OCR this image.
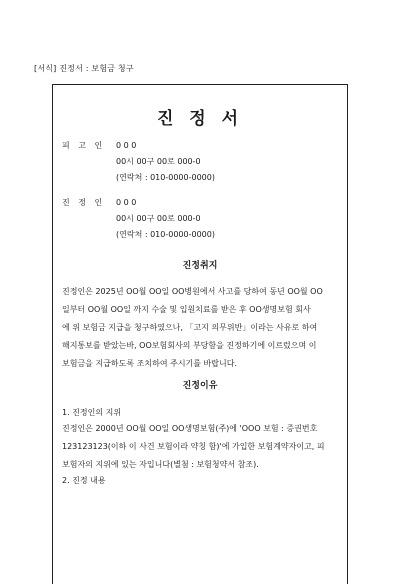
[서식] 진정서 : 보험금 청구
진 정 서
피 고 인	0 0 0
00시 00구 00로 000-0
(연락처 : 010-0000-0000)
진 정 인	0 0 0
00시 00구 00로 000-0
(연락처 : 010-0000-0000)
진정취지
진정인은 2025년 OO월 OO일 OO병원에서 사고를 당하여 동년 OO월 OO
일부터 OO월 OO일 까지 수술 및 입원치료를 받은 후 OO생명보험 회사
에 위 보험금 지급을 청구하였으나, 「고지 의무위반」이라는 사유로 하여
해지통보를 받았는바, OO보험회사의 부당함을 진정하기에 이르렀으며 이
보험금을 지급하도록 조치하여 주시기를 바랍니다.
진정이유
1. 진정인의 지위
진정인은 2000년 OO월 OO일 OO생명보험(주)에 'OOO 보험 : 증권번호
123123123(이하 이 사건 보험이라 약칭 함)'에 가입한 보험계약자이고, 피
보험자의 지위에 있는 자입니다(별첨 : 보험청약서 참조).
2. 진정 내용
